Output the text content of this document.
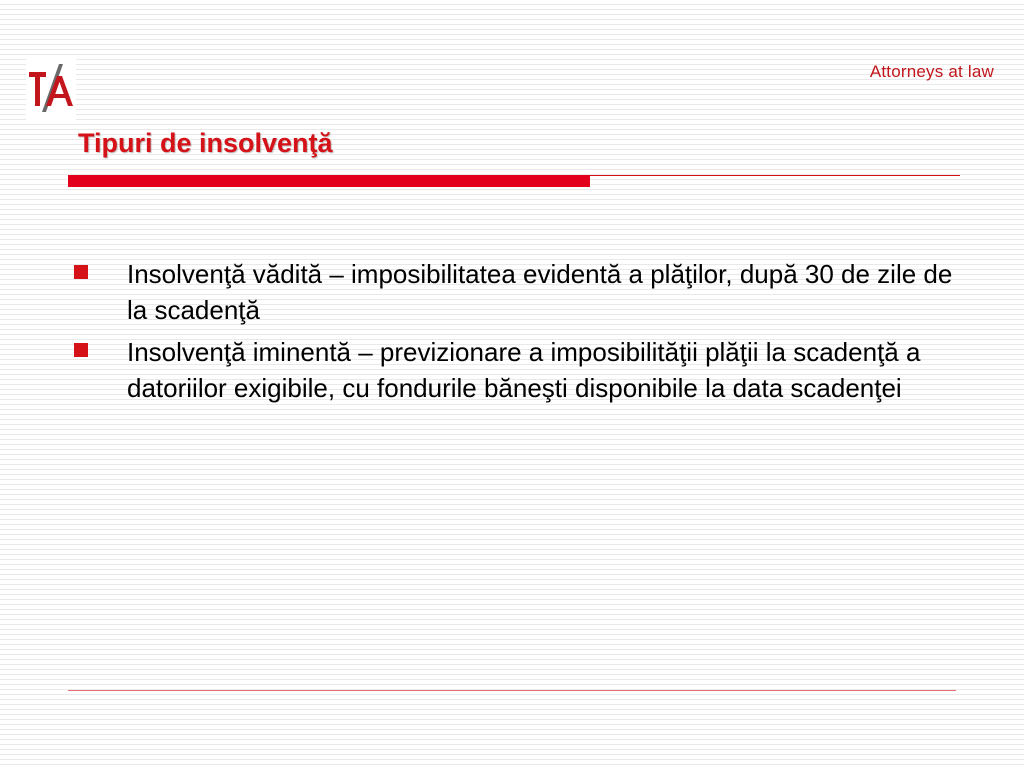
Attorneys at law
Tipuri de insolvenţă
Insolvenţă vădită – imposibilitatea evidentă a plăţilor, după 30 de zile de la scadenţă
Insolvenţă iminentă – previzionare a imposibilităţii plăţii la scadenţă a datoriilor exigibile, cu fondurile băneşti disponibile la data scadenţei
